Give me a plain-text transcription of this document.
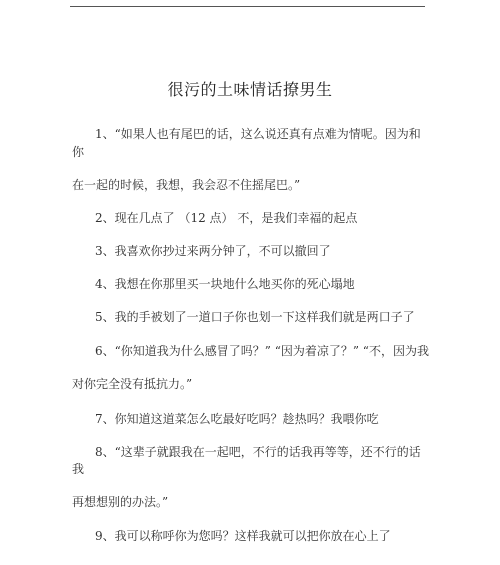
很污的土味情话撩男生
1、“如果人也有尾巴的话，这么说还真有点难为情呢。因为和
你
在一起的时候，我想，我会忍不住摇尾巴。”
2、现在几点了 （12 点） 不，是我们幸福的起点
3、我喜欢你抄过来两分钟了，不可以撤回了
4、我想在你那里买一块地什么地买你的死心塌地
5、我的手被划了一道口子你也划一下这样我们就是两口子了
6、“你知道我为什么感冒了吗？” “因为着凉了？” “不，因为我
对你完全没有抵抗力。”
7、你知道这道菜怎么吃最好吃吗？趁热吗？我喂你吃
8、“这辈子就跟我在一起吧，不行的话我再等等，还不行的话
我
再想想别的办法。”
9、我可以称呼你为您吗？这样我就可以把你放在心上了
